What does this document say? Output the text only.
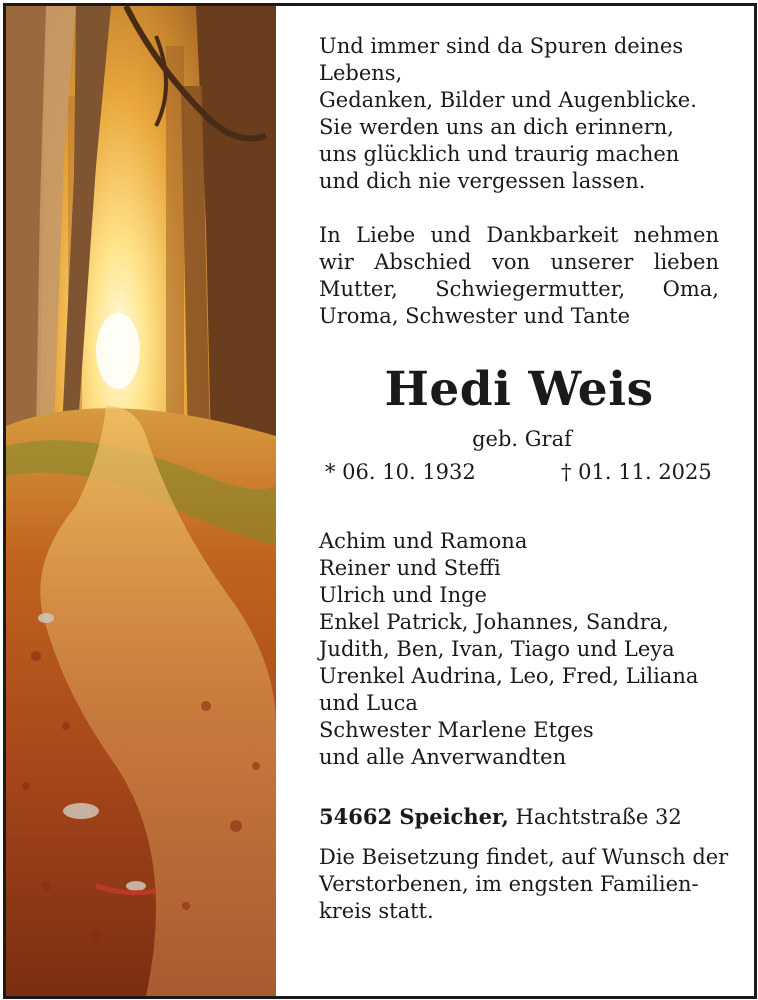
Und immer sind da Spuren deines

Lebens,

Gedanken, Bilder und Augenblicke.

Sie werden uns an dich erinnern,

uns glücklich und traurig machen

und dich nie vergessen lassen.

In Liebe und Dankbarkeit nehmen

wir Abschied von unserer lieben

Mutter, Schwiegermutter, Oma,

Uroma, Schwester und Tante

Hedi Weis
geb. Graf
* 06. 10. 1932	† 01. 11. 2025

Achim und Ramona

Reiner und Steffi

Ulrich und Inge

Enkel Patrick, Johannes, Sandra,

Judith, Ben, Ivan, Tiago und Leya

Urenkel Audrina, Leo, Fred, Liliana

und Luca

Schwester Marlene Etges

und alle Anverwandten

54662 Speicher, Hachtstraße 32

Die Beisetzung findet, auf Wunsch der

Verstorbenen, im engsten Familien-

kreis statt.
